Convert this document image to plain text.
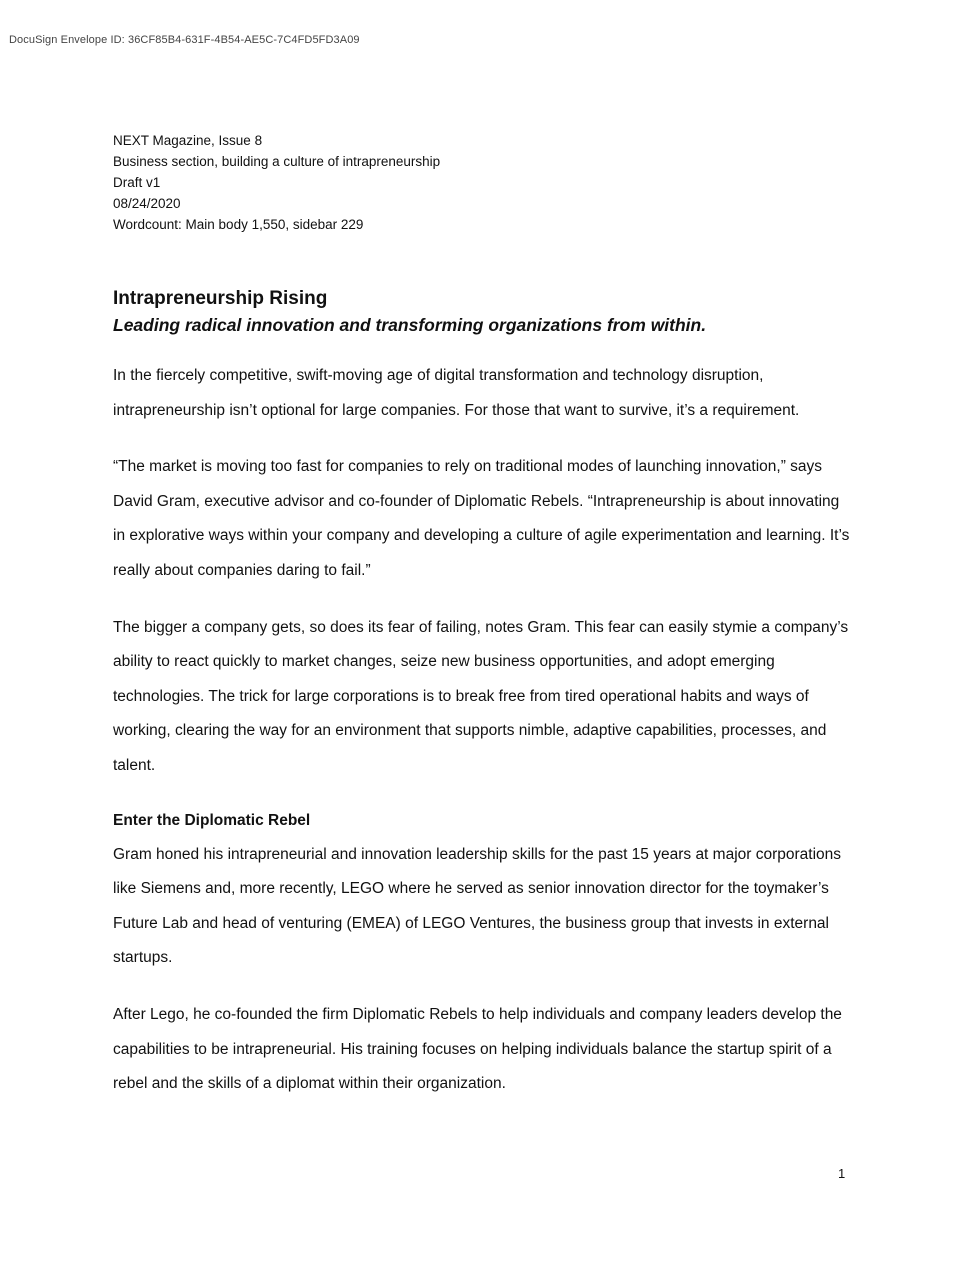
DocuSign Envelope ID: 36CF85B4-631F-4B54-AE5C-7C4FD5FD3A09
NEXT Magazine, Issue 8
Business section, building a culture of intrapreneurship
Draft v1
08/24/2020
Wordcount: Main body 1,550, sidebar 229
Intrapreneurship Rising
Leading radical innovation and transforming organizations from within.

In the fiercely competitive, swift-moving age of digital transformation and technology disruption, intrapreneurship isn’t optional for large companies. For those that want to survive, it’s a requirement.

“The market is moving too fast for companies to rely on traditional modes of launching innovation,” says David Gram, executive advisor and co-founder of Diplomatic Rebels. “Intrapreneurship is about innovating in explorative ways within your company and developing a culture of agile experimentation and learning. It’s really about companies daring to fail.”

The bigger a company gets, so does its fear of failing, notes Gram. This fear can easily stymie a company’s ability to react quickly to market changes, seize new business opportunities, and adopt emerging technologies. The trick for large corporations is to break free from tired operational habits and ways of working, clearing the way for an environment that supports nimble, adaptive capabilities, processes, and talent.

Enter the Diplomatic Rebel

Gram honed his intrapreneurial and innovation leadership skills for the past 15 years at major corporations like Siemens and, more recently, LEGO where he served as senior innovation director for the toymaker’s Future Lab and head of venturing (EMEA) of LEGO Ventures, the business group that invests in external startups.

After Lego, he co-founded the firm Diplomatic Rebels to help individuals and company leaders develop the capabilities to be intrapreneurial. His training focuses on helping individuals balance the startup spirit of a rebel and the skills of a diplomat within their organization.

1
